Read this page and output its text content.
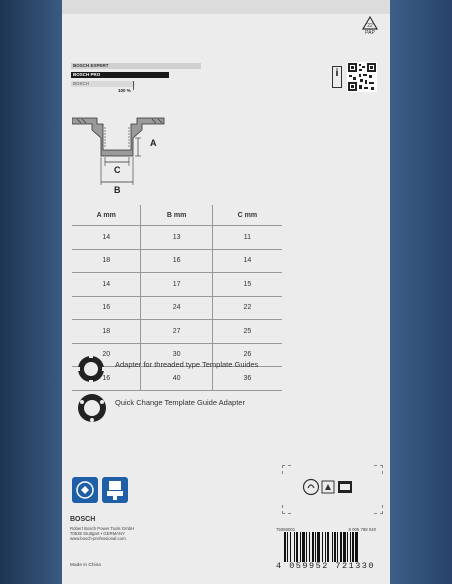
22
PAP
BOSCH EXPERT
BOSCH PRO
BOSCH
100 %
i
A
C
B
A mm	B mm	C mm
14	13	11
18	16	14
14	17	15
16	24	22
18	27	25
20	30	26
16	40	36
Adapter for threaded type Template Guides
Quick Change Template Guide Adapter
BOSCH
Robert Bosch Power Tools GmbH
70538 Stuttgart • GERMANY
www.bosch-professional.com
75069001	8 005 788 040
Made in China	4 059952 721330
